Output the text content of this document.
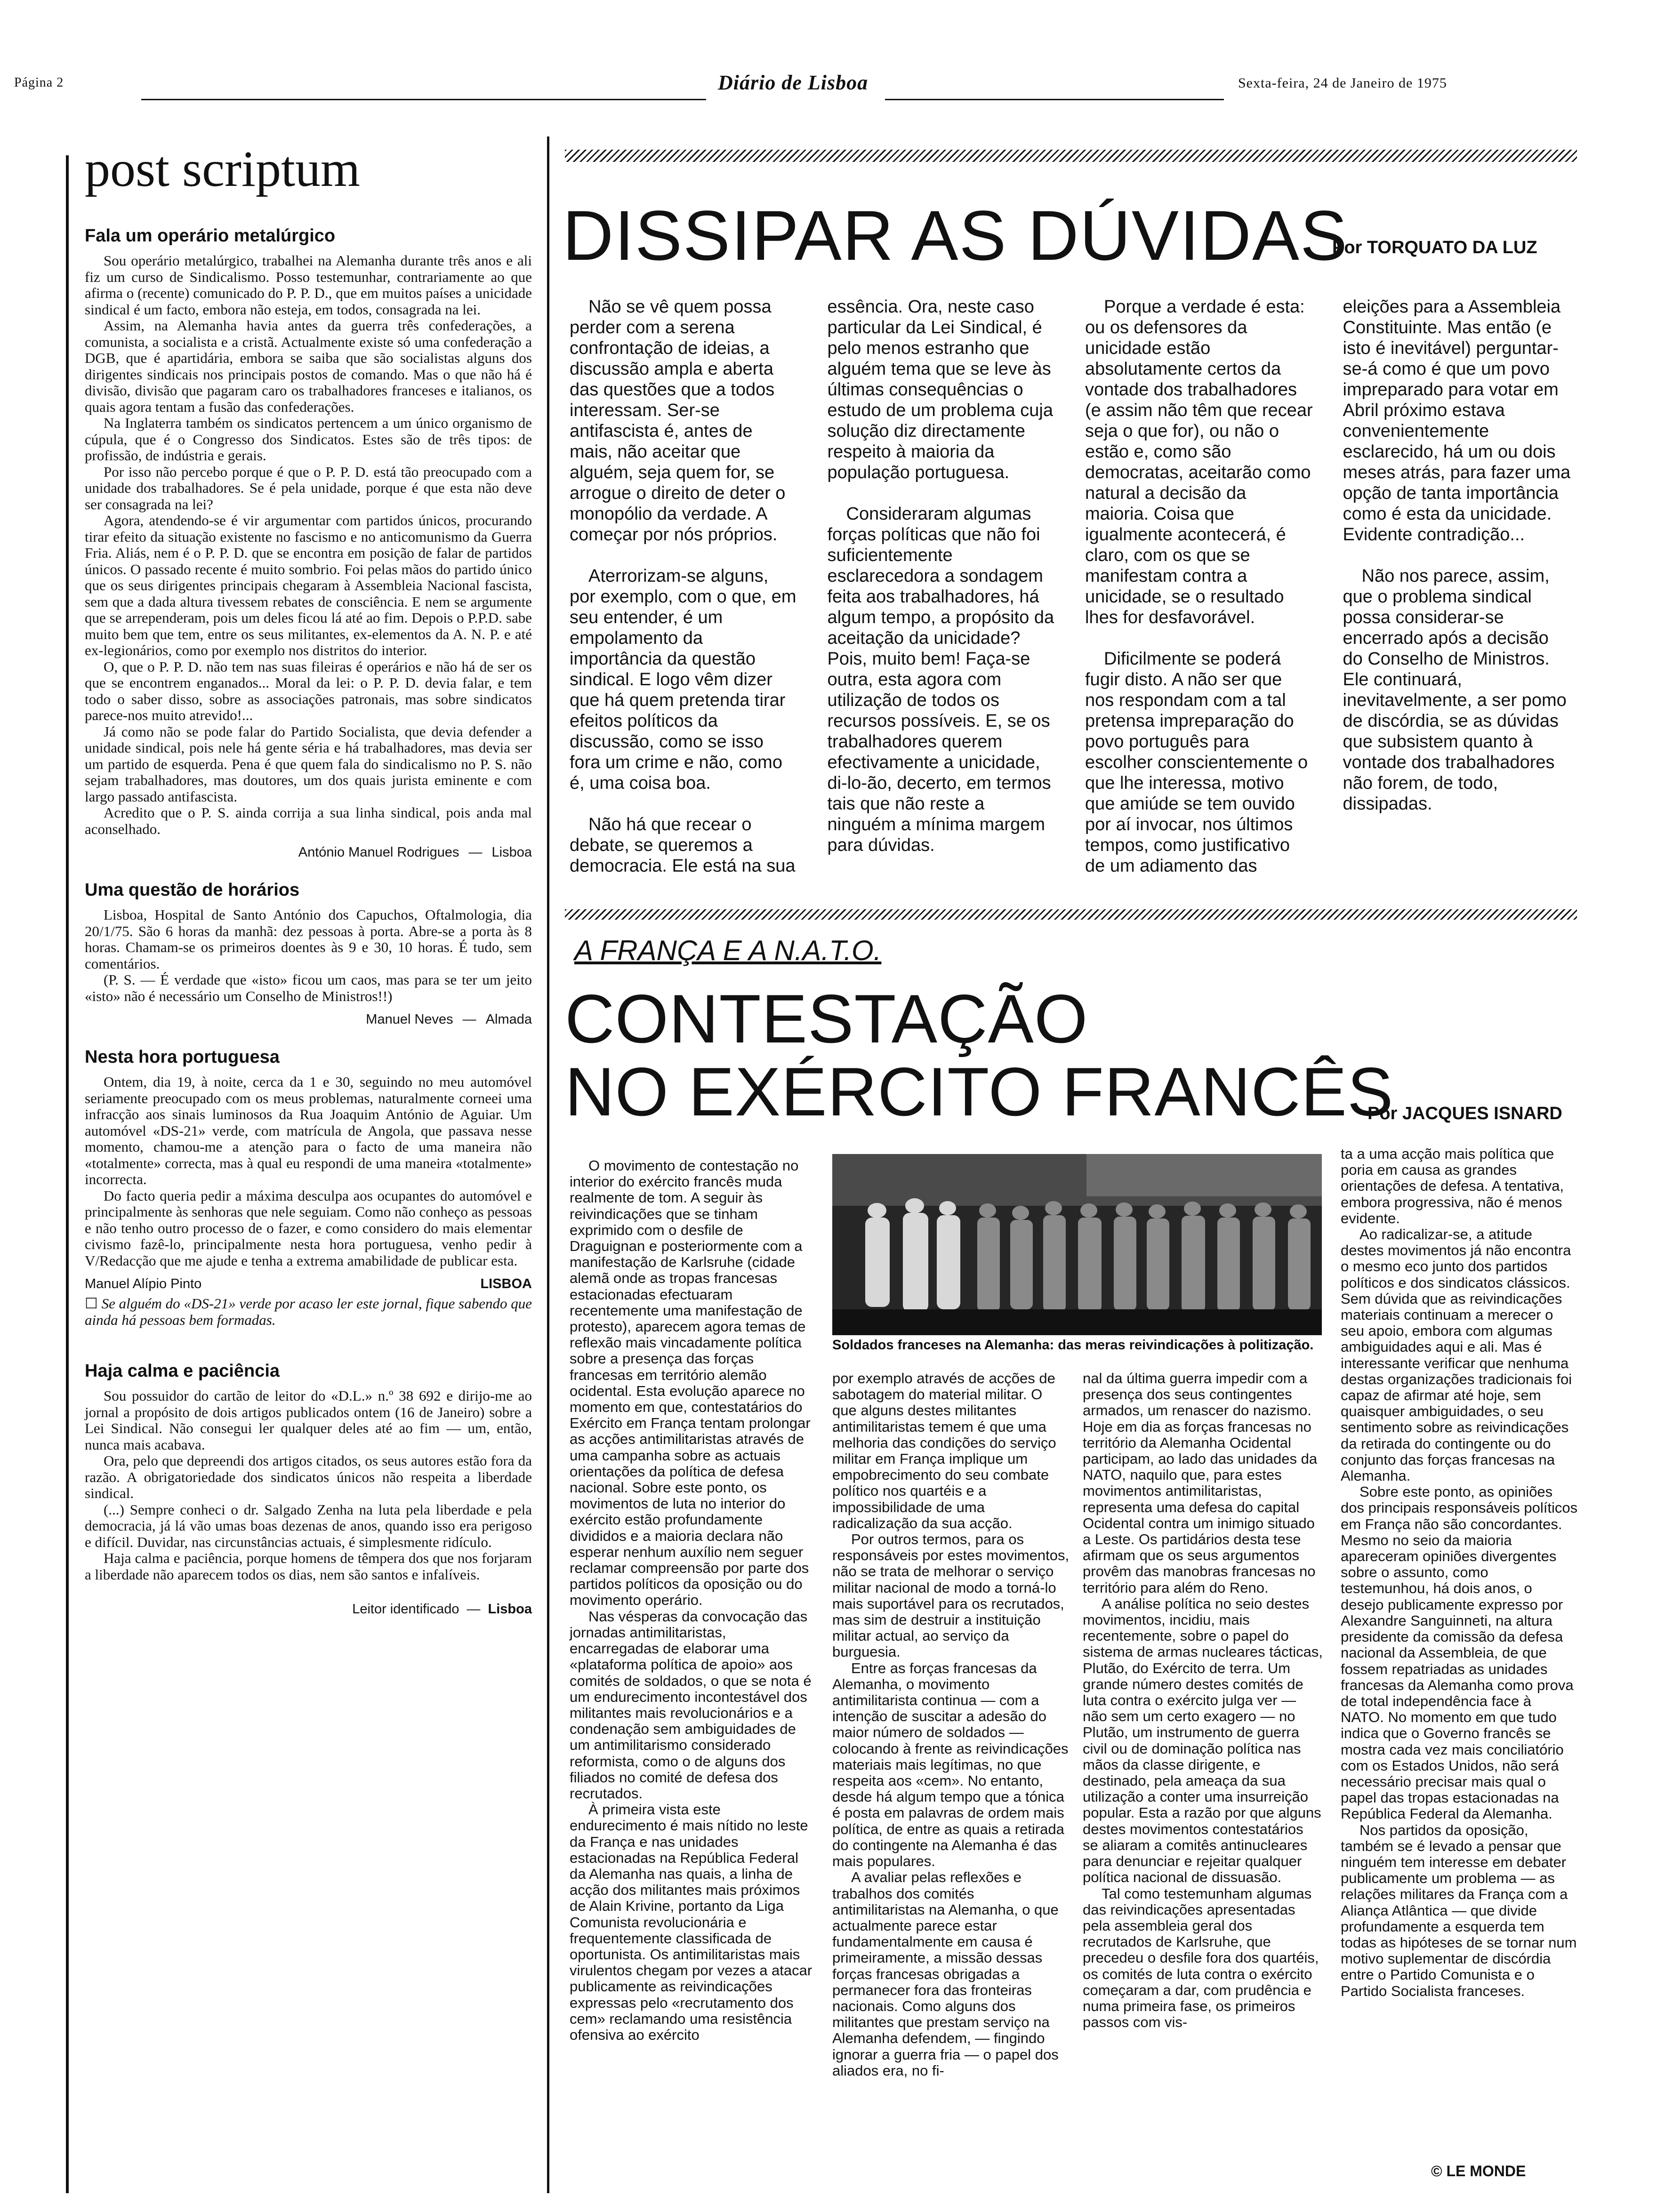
Página 2	Diário de Lisboa	Sexta-feira, 24 de Janeiro de 1975
post scriptum
Fala um operário metalúrgico

Sou operário metalúrgico, trabalhei na Alemanha durante três anos e ali fiz um curso de Sindicalismo. Posso testemunhar, contrariamente ao que afirma o (recente) comunicado do P. P. D., que em muitos países a unicidade sindical é um facto, embora não esteja, em todos, consagrada na lei.

Assim, na Alemanha havia antes da guerra três confederações, a comunista, a socialista e a cristã. Actualmente existe só uma confederação a DGB, que é apartidária, embora se saiba que são socialistas alguns dos dirigentes sindicais nos principais postos de comando. Mas o que não há é divisão, divisão que pagaram caro os trabalhadores franceses e italianos, os quais agora tentam a fusão das confederações.

Na Inglaterra também os sindicatos pertencem a um único organismo de cúpula, que é o Congresso dos Sindicatos. Estes são de três tipos: de profissão, de indústria e gerais.

Por isso não percebo porque é que o P. P. D. está tão preocupado com a unidade dos trabalhadores. Se é pela unidade, porque é que esta não deve ser consagrada na lei?

Agora, atendendo-se é vir argumentar com partidos únicos, procurando tirar efeito da situação existente no fascismo e no anticomunismo da Guerra Fria. Aliás, nem é o P. P. D. que se encontra em posição de falar de partidos únicos. O passado recente é muito sombrio. Foi pelas mãos do partido único que os seus dirigentes principais chegaram à Assembleia Nacional fascista, sem que a dada altura tivessem rebates de consciência. E nem se argumente que se arrependeram, pois um deles ficou lá até ao fim. Depois o P.P.D. sabe muito bem que tem, entre os seus militantes, ex-elementos da A. N. P. e até ex-legionários, como por exemplo nos distritos do interior.

O, que o P. P. D. não tem nas suas fileiras é operários e não há de ser os que se encontrem enganados... Moral da lei: o P. P. D. devia falar, e tem todo o saber disso, sobre as associações patronais, mas sobre sindicatos parece-nos muito atrevido!...

Já como não se pode falar do Partido Socialista, que devia defender a unidade sindical, pois nele há gente séria e há trabalhadores, mas devia ser um partido de esquerda. Pena é que quem fala do sindicalismo no P. S. não sejam trabalhadores, mas doutores, um dos quais jurista eminente e com largo passado antifascista.

Acredito que o P. S. ainda corrija a sua linha sindical, pois anda mal aconselhado.

António Manuel Rodrigues — Lisboa
Uma questão de horários

Lisboa, Hospital de Santo António dos Capuchos, Oftalmologia, dia 20/1/75. São 6 horas da manhã: dez pessoas à porta. Abre-se a porta às 8 horas. Chamam-se os primeiros doentes às 9 e 30, 10 horas. É tudo, sem comentários.

(P. S. — É verdade que «isto» ficou um caos, mas para se ter um jeito «isto» não é necessário um Conselho de Ministros!!)

Manuel Neves — Almada
Nesta hora portuguesa

Ontem, dia 19, à noite, cerca da 1 e 30, seguindo no meu automóvel seriamente preocupado com os meus problemas, naturalmente corneei uma infracção aos sinais luminosos da Rua Joaquim António de Aguiar. Um automóvel «DS-21» verde, com matrícula de Angola, que passava nesse momento, chamou-me a atenção para o facto de uma maneira não «totalmente» correcta, mas à qual eu respondi de uma maneira «totalmente» incorrecta.

Do facto queria pedir a máxima desculpa aos ocupantes do automóvel e principalmente às senhoras que nele seguiam. Como não conheço as pessoas e não tenho outro processo de o fazer, e como considero do mais elementar civismo fazê-lo, principalmente nesta hora portuguesa, venho pedir à V/Redacção que me ajude e tenha a extrema amabilidade de publicar esta.

Manuel Alípio Pinto	LISBOA
☐ Se alguém do «DS-21» verde por acaso ler este jornal, fique sabendo que ainda há pessoas bem formadas.
Haja calma e paciência

Sou possuidor do cartão de leitor do «D.L.» n.º 38 692 e dirijo-me ao jornal a propósito de dois artigos publicados ontem (16 de Janeiro) sobre a Lei Sindical. Não consegui ler qualquer deles até ao fim — um, então, nunca mais acabava.

Ora, pelo que depreendi dos artigos citados, os seus autores estão fora da razão. A obrigatoriedade dos sindicatos únicos não respeita a liberdade sindical.

(...) Sempre conheci o dr. Salgado Zenha na luta pela liberdade e pela democracia, já lá vão umas boas dezenas de anos, quando isso era perigoso e difícil. Duvidar, nas circunstâncias actuais, é simplesmente ridículo.

Haja calma e paciência, porque homens de têmpera dos que nos forjaram a liberdade não aparecem todos os dias, nem são santos e infalíveis.

Leitor identificado — Lisboa
DISSIPAR AS DÚVIDAS
Por TORQUATO DA LUZ

Não se vê quem possa perder com a serena confrontação de ideias, a discussão ampla e aberta das questões que a todos interessam. Ser-se antifascista é, antes de mais, não aceitar que alguém, seja quem for, se arrogue o direito de deter o monopólio da verdade. A começar por nós próprios.

Aterrorizam-se alguns, por exemplo, com o que, em seu entender, é um empolamento da importância da questão sindical. E logo vêm dizer que há quem pretenda tirar efeitos políticos da discussão, como se isso fora um crime e não, como é, uma coisa boa.

Não há que recear o debate, se queremos a democracia. Ele está na sua essência. Ora, neste caso particular da Lei Sindical, é pelo menos estranho que alguém tema que se leve às últimas consequências o estudo de um problema cuja solução diz directamente respeito à maioria da população portuguesa.

Consideraram algumas forças políticas que não foi suficientemente esclarecedora a sondagem feita aos trabalhadores, há algum tempo, a propósito da aceitação da unicidade? Pois, muito bem! Faça-se outra, esta agora com utilização de todos os recursos possíveis. E, se os trabalhadores querem efectivamente a unicidade, di-lo-ão, decerto, em termos tais que não reste a ninguém a mínima margem para dúvidas.

Porque a verdade é esta: ou os defensores da unicidade estão absolutamente certos da vontade dos trabalhadores (e assim não têm que recear seja o que for), ou não o estão e, como são democratas, aceitarão como natural a decisão da maioria. Coisa que igualmente acontecerá, é claro, com os que se manifestam contra a unicidade, se o resultado lhes for desfavorável.

Dificilmente se poderá fugir disto. A não ser que nos respondam com a tal pretensa impreparação do povo português para escolher conscientemente o que lhe interessa, motivo que amiúde se tem ouvido por aí invocar, nos últimos tempos, como justificativo de um adiamento das eleições para a Assembleia Constituinte. Mas então (e isto é inevitável) perguntar-se-á como é que um povo impreparado para votar em Abril próximo estava convenientemente esclarecido, há um ou dois meses atrás, para fazer uma opção de tanta importância como é esta da unicidade. Evidente contradição...

Não nos parece, assim, que o problema sindical possa considerar-se encerrado após a decisão do Conselho de Ministros. Ele continuará, inevitavelmente, a ser pomo de discórdia, se as dúvidas que subsistem quanto à vontade dos trabalhadores não forem, de todo, dissipadas.

A FRANÇA E A N.A.T.O.
CONTESTAÇÃO
NO EXÉRCITO FRANCÊS
Por JACQUES ISNARD
Soldados franceses na Alemanha: das meras reivindicações à politização.

O movimento de contestação no interior do exército francês muda realmente de tom. A seguir às reivindicações que se tinham exprimido com o desfile de Draguignan e posteriormente com a manifestação de Karlsruhe (cidade alemã onde as tropas francesas estacionadas efectuaram recentemente uma manifestação de protesto), aparecem agora temas de reflexão mais vincadamente política sobre a presença das forças francesas em território alemão ocidental. Esta evolução aparece no momento em que, contestatários do Exército em França tentam prolongar as acções antimilitaristas através de uma campanha sobre as actuais orientações da política de defesa nacional. Sobre este ponto, os movimentos de luta no interior do exército estão profundamente divididos e a maioria declara não esperar nenhum auxílio nem seguer reclamar compreensão por parte dos partidos políticos da oposição ou do movimento operário.

Nas vésperas da convocação das jornadas antimilitaristas, encarregadas de elaborar uma «plataforma política de apoio» aos comités de soldados, o que se nota é um endurecimento incontestável dos militantes mais revolucionários e a condenação sem ambiguidades de um antimilitarismo considerado reformista, como o de alguns dos filiados no comité de defesa dos recrutados.

À primeira vista este endurecimento é mais nítido no leste da França e nas unidades estacionadas na República Federal da Alemanha nas quais, a linha de acção dos militantes mais próximos de Alain Krivine, portanto da Liga Comunista revolucionária e frequentemente classificada de oportunista. Os antimilitaristas mais virulentos chegam por vezes a atacar publicamente as reivindicações expressas pelo «recrutamento dos cem» reclamando uma resistência ofensiva ao exército

por exemplo através de acções de sabotagem do material militar. O que alguns destes militantes antimilitaristas temem é que uma melhoria das condições do serviço militar em França implique um empobrecimento do seu combate político nos quartéis e a impossibilidade de uma radicalização da sua acção.

Por outros termos, para os responsáveis por estes movimentos, não se trata de melhorar o serviço militar nacional de modo a torná-lo mais suportável para os recrutados, mas sim de destruir a instituição militar actual, ao serviço da burguesia.

Entre as forças francesas da Alemanha, o movimento antimilitarista continua — com a intenção de suscitar a adesão do maior número de soldados — colocando à frente as reivindicações materiais mais legítimas, no que respeita aos «cem». No entanto, desde há algum tempo que a tónica é posta em palavras de ordem mais política, de entre as quais a retirada do contingente na Alemanha é das mais populares.

A avaliar pelas reflexões e trabalhos dos comités antimilitaristas na Alemanha, o que actualmente parece estar fundamentalmente em causa é primeiramente, a missão dessas forças francesas obrigadas a permanecer fora das fronteiras nacionais. Como alguns dos militantes que prestam serviço na Alemanha defendem, — fingindo ignorar a guerra fria — o papel dos aliados era, no fi-

nal da última guerra impedir com a presença dos seus contingentes armados, um renascer do nazismo. Hoje em dia as forças francesas no território da Alemanha Ocidental participam, ao lado das unidades da NATO, naquilo que, para estes movimentos antimilitaristas, representa uma defesa do capital Ocidental contra um inimigo situado a Leste. Os partidários desta tese afirmam que os seus argumentos provêm das manobras francesas no território para além do Reno.

A análise política no seio destes movimentos, incidiu, mais recentemente, sobre o papel do sistema de armas nucleares tácticas, Plutão, do Exército de terra. Um grande número destes comités de luta contra o exército julga ver — não sem um certo exagero — no Plutão, um instrumento de guerra civil ou de dominação política nas mãos da classe dirigente, e destinado, pela ameaça da sua utilização a conter uma insurreição popular. Esta a razão por que alguns destes movimentos contestatários se aliaram a comitês antinucleares para denunciar e rejeitar qualquer política nacional de dissuasão.

Tal como testemunham algumas das reivindicações apresentadas pela assembleia geral dos recrutados de Karlsruhe, que precedeu o desfile fora dos quartéis, os comités de luta contra o exército começaram a dar, com prudência e numa primeira fase, os primeiros passos com vis-

ta a uma acção mais política que poria em causa as grandes orientações de defesa. A tentativa, embora progressiva, não é menos evidente.

Ao radicalizar-se, a atitude destes movimentos já não encontra o mesmo eco junto dos partidos políticos e dos sindicatos clássicos. Sem dúvida que as reivindicações materiais continuam a merecer o seu apoio, embora com algumas ambiguidades aqui e ali. Mas é interessante verificar que nenhuma destas organizações tradicionais foi capaz de afirmar até hoje, sem quaisquer ambiguidades, o seu sentimento sobre as reivindicações da retirada do contingente ou do conjunto das forças francesas na Alemanha.

Sobre este ponto, as opiniões dos principais responsáveis políticos em França não são concordantes. Mesmo no seio da maioria apareceram opiniões divergentes sobre o assunto, como testemunhou, há dois anos, o desejo publicamente expresso por Alexandre Sanguinneti, na altura presidente da comissão da defesa nacional da Assembleia, de que fossem repatriadas as unidades francesas da Alemanha como prova de total independência face à NATO. No momento em que tudo indica que o Governo francês se mostra cada vez mais conciliatório com os Estados Unidos, não será necessário precisar mais qual o papel das tropas estacionadas na República Federal da Alemanha.

Nos partidos da oposição, também se é levado a pensar que ninguém tem interesse em debater publicamente um problema — as relações militares da França com a Aliança Atlântica — que divide profundamente a esquerda tem todas as hipóteses de se tornar num motivo suplementar de discórdia entre o Partido Comunista e o Partido Socialista franceses.

© LE MONDE
